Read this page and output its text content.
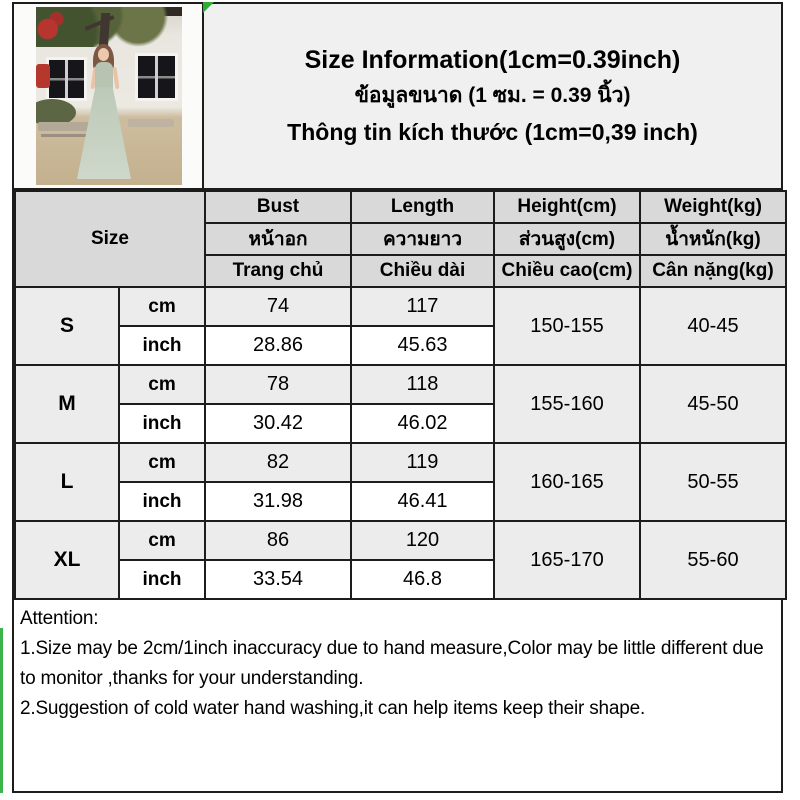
Size Information(1cm=0.39inch)
ข้อมูลขนาด (1 ซม. = 0.39 นิ้ว)
Thông tin kích thước (1cm=0,39 inch)
Size		Bust	Length	Height(cm)	Weight(kg)
		หน้าอก	ความยาว	ส่วนสูง(cm)	น้ำหนัก(kg)
		Trang chủ	Chiều dài	Chiều cao(cm)	Cân nặng(kg)
S	cm	74	117	150-155	40-45
	inch	28.86	45.63		
M	cm	78	118	155-160	45-50
	inch	30.42	46.02		
L	cm	82	119	160-165	50-55
	inch	31.98	46.41		
XL	cm	86	120	165-170	55-60
	inch	33.54	46.8		
Attention:
1.Size may be 2cm/1inch inaccuracy due to hand measure,Color may be little different due to monitor ,thanks for your understanding.
2.Suggestion of cold water hand washing,it can help items keep their shape.
